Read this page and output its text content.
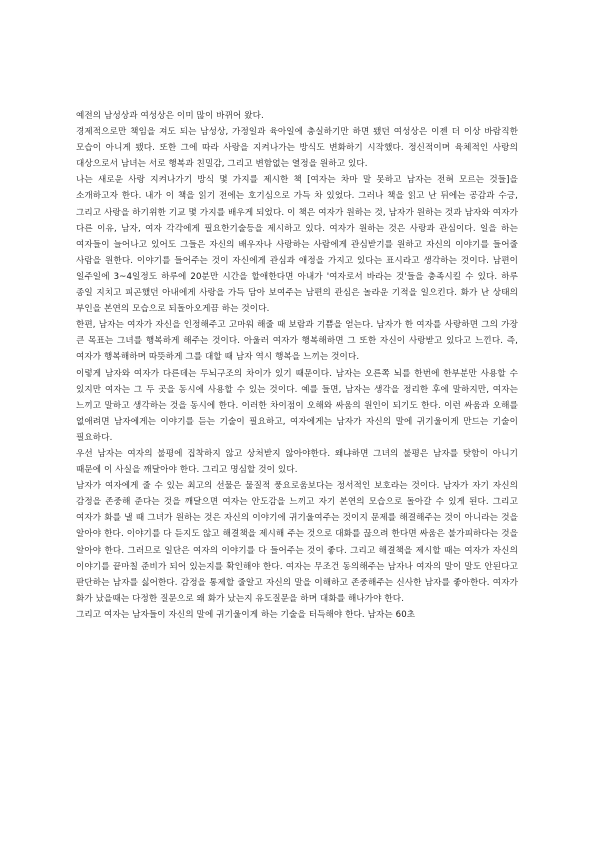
예전의 남성상과 여성상은 이미 많이 바뀌어 왔다.

경제적으로만 책임을 져도 되는 남성상, 가정일과 육아일에 충실하기만 하면 됐던 여성상은 이젠 더 이상 바람직한 모습이 아니게 됐다. 또한 그에 따라 사랑을 지켜나가는 방식도 변화하기 시작했다. 정신적이며 육체적인 사랑의 대상으로서 남녀는 서로 행복과 친밀감, 그리고 변함없는 열정을 원하고 있다.

나는 새로운 사랑 지켜나가기 방식 몇 가지를 제시한 책 [여자는 차마 말 못하고 남자는 전혀 모르는 것들]을 소개하고자 한다. 내가 이 책을 읽기 전에는 호기심으로 가득 차 있었다. 그러나 책을 읽고 난 뒤에는 공감과 수긍, 그리고 사랑을 하기위한 기교 몇 가지를 배우게 되었다. 이 책은 여자가 원하는 것, 남자가 원하는 것과 남자와 여자가 다른 이유, 남자, 여자 각각에게 필요한기술등을 제시하고 있다. 여자가 원하는 것은 사랑과 관심이다. 일을 하는 여자들이 늘어나고 있어도 그들은 자신의 배우자나 사랑하는 사람에게 관심받기를 원하고 자신의 이야기를 들어줄 사람을 원한다. 이야기를 들어주는 것이 자신에게 관심과 애정을 가지고 있다는 표시라고 생각하는 것이다. 남편이 일주일에 3~4일정도 하루에 20분만 시간을 할애한다면 아내가 '여자로서 바라는 것'들을 충족시킬 수 있다. 하루 종일 지치고 피곤했던 아내에게 사랑을 가득 담아 보여주는 남편의 관심은 놀라운 기적을 일으킨다. 화가 난 상태의 부인을 본연의 모습으로 되돌아오게끔 하는 것이다.

한편, 남자는 여자가 자신을 인정해주고 고마워 해줄 때 보람과 기쁨을 얻는다. 남자가 한 여자를 사랑하면 그의 가장 큰 목표는 그녀를 행복하게 해주는 것이다. 아울러 여자가 행복해하면 그 또한 자신이 사랑받고 있다고 느낀다. 즉, 여자가 행복해하며 따뜻하게 그를 대할 때 남자 역시 행복을 느끼는 것이다.

이렇게 남자와 여자가 다른데는 두뇌구조의 차이가 있기 때문이다. 남자는 오른쪽 뇌를 한번에 한부분만 사용할 수 있지만 여자는 그 두 곳을 동시에 사용할 수 있는 것이다. 예를 들면, 남자는 생각을 정리한 후에 말하지만, 여자는 느끼고 말하고 생각하는 것을 동시에 한다. 이러한 차이점이 오해와 싸움의 원인이 되기도 한다. 이런 싸움과 오해를 없애려면 남자에게는 이야기를 듣는 기술이 필요하고, 여자에게는 남자가 자신의 말에 귀기울이게 만드는 기술이 필요하다.

우선 남자는 여자의 불평에 집착하지 않고 상처받지 않아야한다. 왜냐하면 그녀의 불평은 남자를 탓함이 아니기 때문에 이 사실을 깨달아야 한다. 그리고 명심할 것이 있다.

남자가 여자에게 줄 수 있는 최고의 선물은 물질적 풍요로움보다는 정서적인 보호라는 것이다. 남자가 자기 자신의 감정을 존중해 준다는 것을 깨달으면 여자는 안도감을 느끼고 자기 본연의 모습으로 돌아갈 수 있게 된다. 그리고 여자가 화를 낼 때 그녀가 원하는 것은 자신의 이야기에 귀기울여주는 것이지 문제를 해결해주는 것이 아니라는 것을 알아야 한다. 이야기를 다 듣지도 않고 해결책을 제시해 주는 것으로 대화를 끊으려 한다면 싸움은 불가피하다는 것을 알아야 한다. 그러므로 일단은 여자의 이야기를 다 들어주는 것이 좋다. 그리고 해결책을 제시할 때는 여자가 자신의 이야기를 끝마칠 준비가 되어 있는지를 확인해야 한다. 여자는 무조건 동의해주는 남자나 여자의 말이 말도 안된다고 판단하는 남자를 싫어한다. 감정을 통제할 줄알고 자신의 말을 이해하고 존중해주는 신사한 남자를 좋아한다. 여자가 화가 났을때는 다정한 질문으로 왜 화가 났는지 유도질문을 하며 대화를 해나가야 한다.

그리고 여자는 남자들이 자신의 말에 귀기울이게 하는 기술을 터득해야 한다. 남자는 60초
